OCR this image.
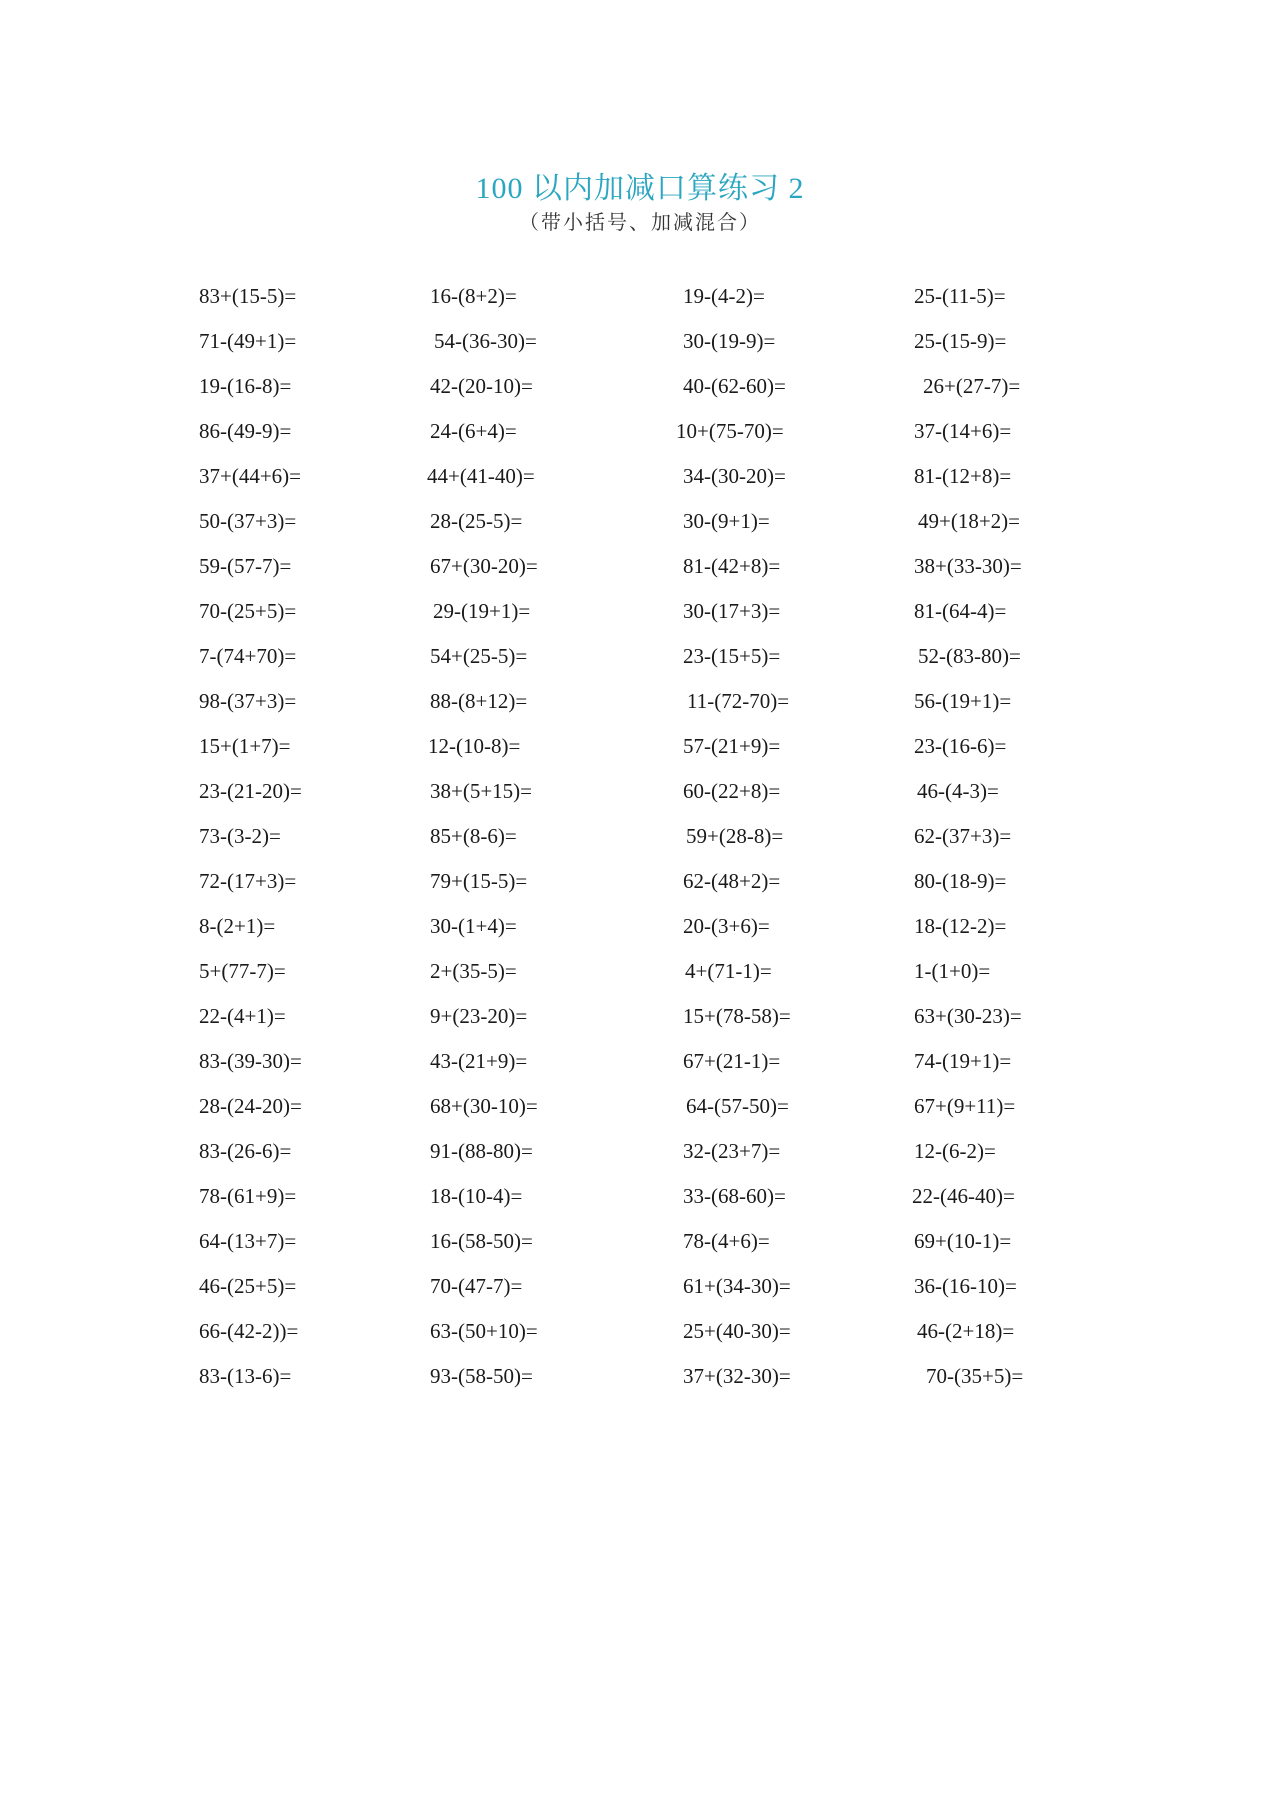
100 以内加减口算练习 2
（带小括号、加减混合）
83+(15-5)=	16-(8+2)=	19-(4-2)=	25-(11-5)=
71-(49+1)=	54-(36-30)=	30-(19-9)=	25-(15-9)=
19-(16-8)=	42-(20-10)=	40-(62-60)=	26+(27-7)=
86-(49-9)=	24-(6+4)=	10+(75-70)=	37-(14+6)=
37+(44+6)=	44+(41-40)=	34-(30-20)=	81-(12+8)=
50-(37+3)=	28-(25-5)=	30-(9+1)=	49+(18+2)=
59-(57-7)=	67+(30-20)=	81-(42+8)=	38+(33-30)=
70-(25+5)=	29-(19+1)=	30-(17+3)=	81-(64-4)=
7-(74+70)=	54+(25-5)=	23-(15+5)=	52-(83-80)=
98-(37+3)=	88-(8+12)=	11-(72-70)=	56-(19+1)=
15+(1+7)=	12-(10-8)=	57-(21+9)=	23-(16-6)=
23-(21-20)=	38+(5+15)=	60-(22+8)=	46-(4-3)=
73-(3-2)=	85+(8-6)=	59+(28-8)=	62-(37+3)=
72-(17+3)=	79+(15-5)=	62-(48+2)=	80-(18-9)=
8-(2+1)=	30-(1+4)=	20-(3+6)=	18-(12-2)=
5+(77-7)=	2+(35-5)=	4+(71-1)=	1-(1+0)=
22-(4+1)=	9+(23-20)=	15+(78-58)=	63+(30-23)=
83-(39-30)=	43-(21+9)=	67+(21-1)=	74-(19+1)=
28-(24-20)=	68+(30-10)=	64-(57-50)=	67+(9+11)=
83-(26-6)=	91-(88-80)=	32-(23+7)=	12-(6-2)=
78-(61+9)=	18-(10-4)=	33-(68-60)=	22-(46-40)=
64-(13+7)=	16-(58-50)=	78-(4+6)=	69+(10-1)=
46-(25+5)=	70-(47-7)=	61+(34-30)=	36-(16-10)=
66-(42-2))=	63-(50+10)=	25+(40-30)=	46-(2+18)=
83-(13-6)=	93-(58-50)=	37+(32-30)=	70-(35+5)=
